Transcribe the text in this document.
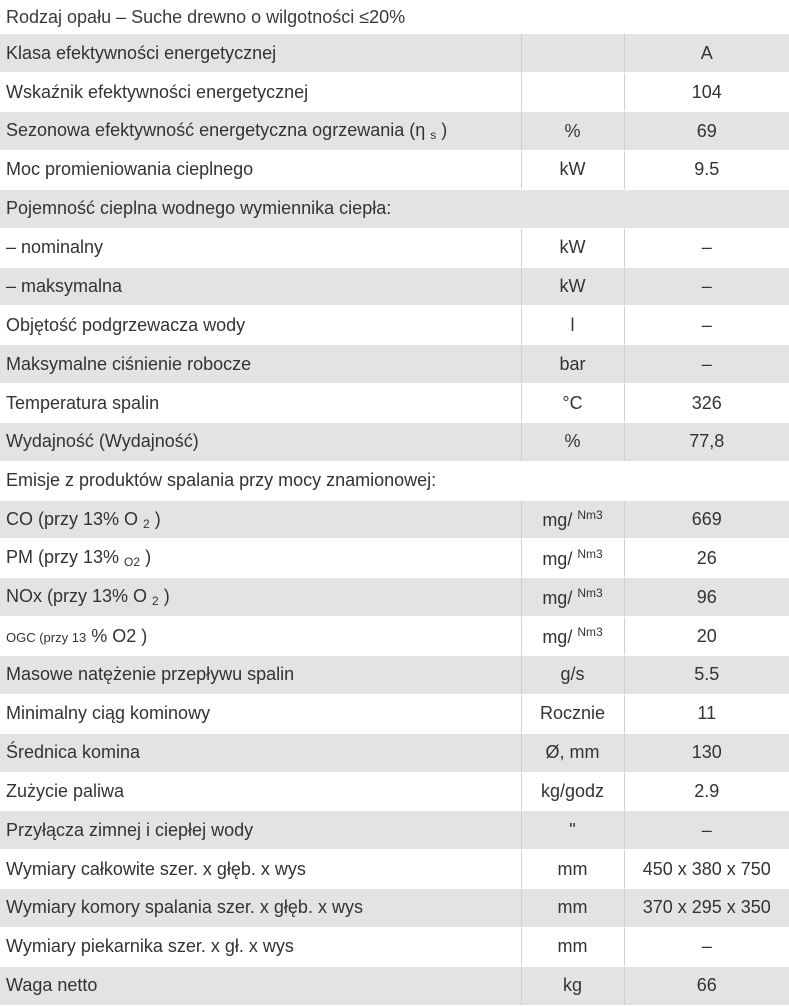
Rodzaj opału – Suche drewno o wilgotności ≤20%
Klasa efektywności energetycznej		A
Wskaźnik efektywności energetycznej		104
Sezonowa efektywność energetyczna ogrzewania (η $_s$ )	%	69
Moc promieniowania cieplnego	kW	9.5
Pojemność cieplna wodnego wymiennika ciepła:		
– nominalny	kW	–
– maksymalna	kW	–
Objętość podgrzewacza wody	l	–
Maksymalne ciśnienie robocze	bar	–
Temperatura spalin	°C	326
Wydajność (Wydajność)	%	77,8
Emisje z produktów spalania przy mocy znamionowej:		
CO (przy 13% O $_2$ )	mg/ $^{Nm3}$	669
PM (przy 13% $_{O2}$ )	mg/ $^{Nm3}$	26
NOx (przy 13% O $_2$ )	mg/ $^{Nm3}$	96
OGC (przy 13 % O2 )	mg/ $^{Nm3}$	20
Masowe natężenie przepływu spalin	g/s	5.5
Minimalny ciąg kominowy	Rocznie	11
Średnica komina	Ø, mm	130
Zużycie paliwa	kg/godz	2.9
Przyłącza zimnej i ciepłej wody	"	–
Wymiary całkowite szer. x głęb. x wys	mm	450 x 380 x 750
Wymiary komory spalania szer. x głęb. x wys	mm	370 x 295 x 350
Wymiary piekarnika szer. x gł. x wys	mm	–
Waga netto	kg	66
